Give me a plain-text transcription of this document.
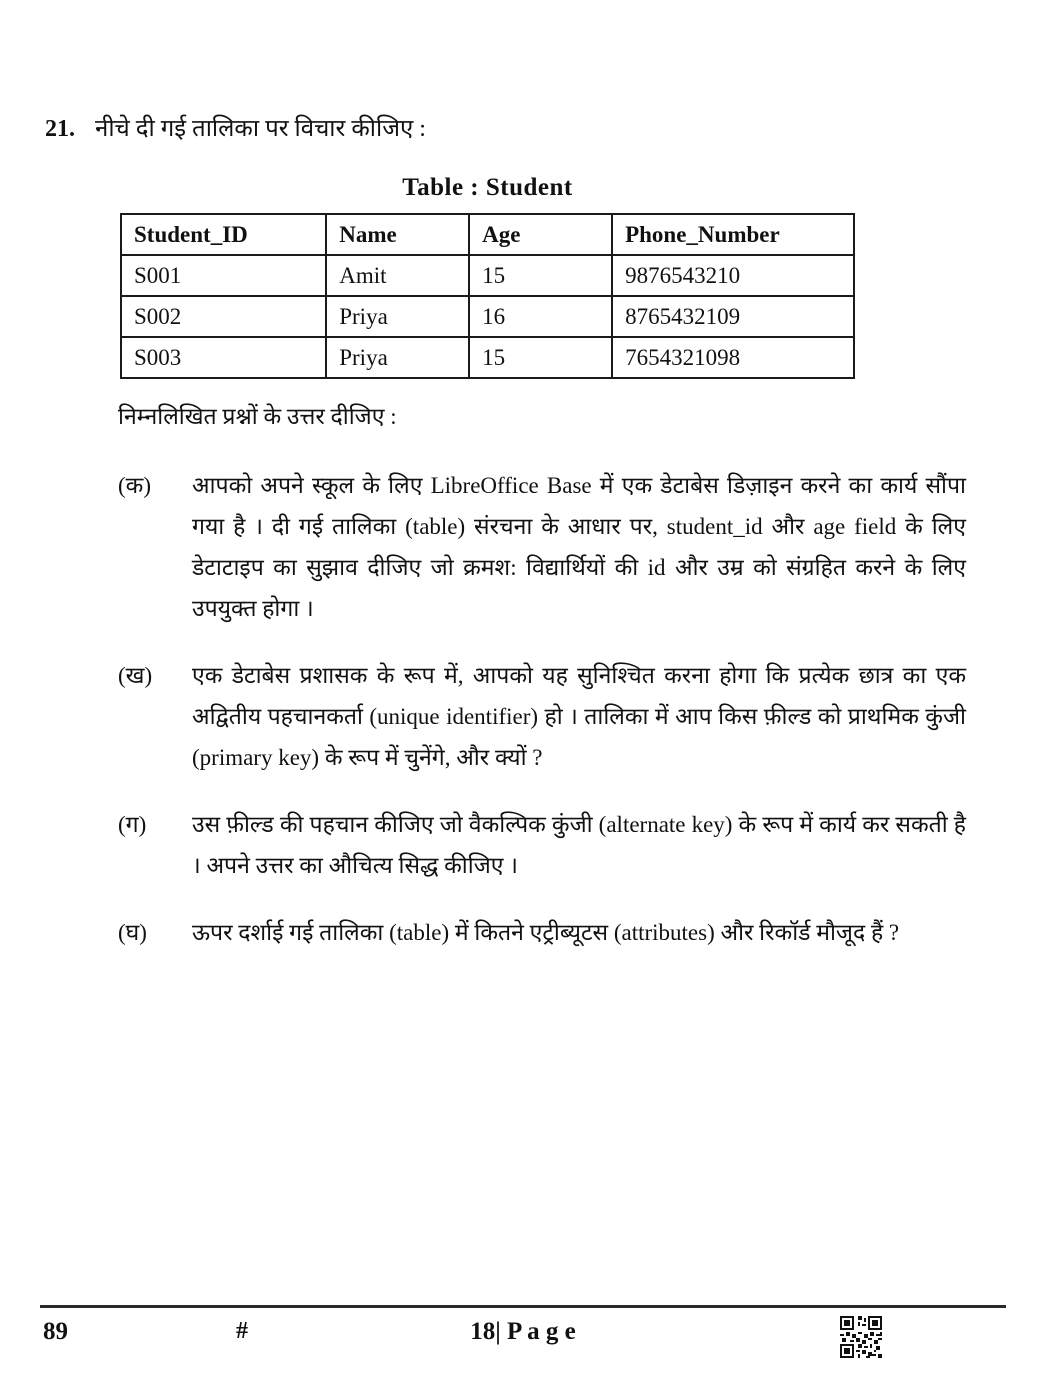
21. नीचे दी गई तालिका पर विचार कीजिए :
Table : Student
Student_ID	Name	Age	Phone_Number
S001	Amit	15	9876543210
S002	Priya	16	8765432109
S003	Priya	15	7654321098
निम्नलिखित प्रश्नों के उत्तर दीजिए :
(क)	आपको अपने स्कूल के लिए LibreOffice Base में एक डेटाबेस डिज़ाइन करने का कार्य सौंपा गया है । दी गई तालिका (table) संरचना के आधार पर, student_id और age field के लिए डेटाटाइप का सुझाव दीजिए जो क्रमश: विद्यार्थियों की id और उम्र को संग्रहित करने के लिए उपयुक्त होगा ।
(ख)	एक डेटाबेस प्रशासक के रूप में, आपको यह सुनिश्चित करना होगा कि प्रत्येक छात्र का एक अद्वितीय पहचानकर्ता (unique identifier) हो । तालिका में आप किस फ़ील्ड को प्राथमिक कुंजी (primary key) के रूप में चुनेंगे, और क्यों ?
(ग)	उस फ़ील्ड की पहचान कीजिए जो वैकल्पिक कुंजी (alternate key) के रूप में कार्य कर सकती है । अपने उत्तर का औचित्य सिद्ध कीजिए ।
(घ)	ऊपर दर्शाई गई तालिका (table) में कितने एट्रीब्यूटस (attributes) और रिकॉर्ड मौजूद हैं ?
89	#	18| P a g e
